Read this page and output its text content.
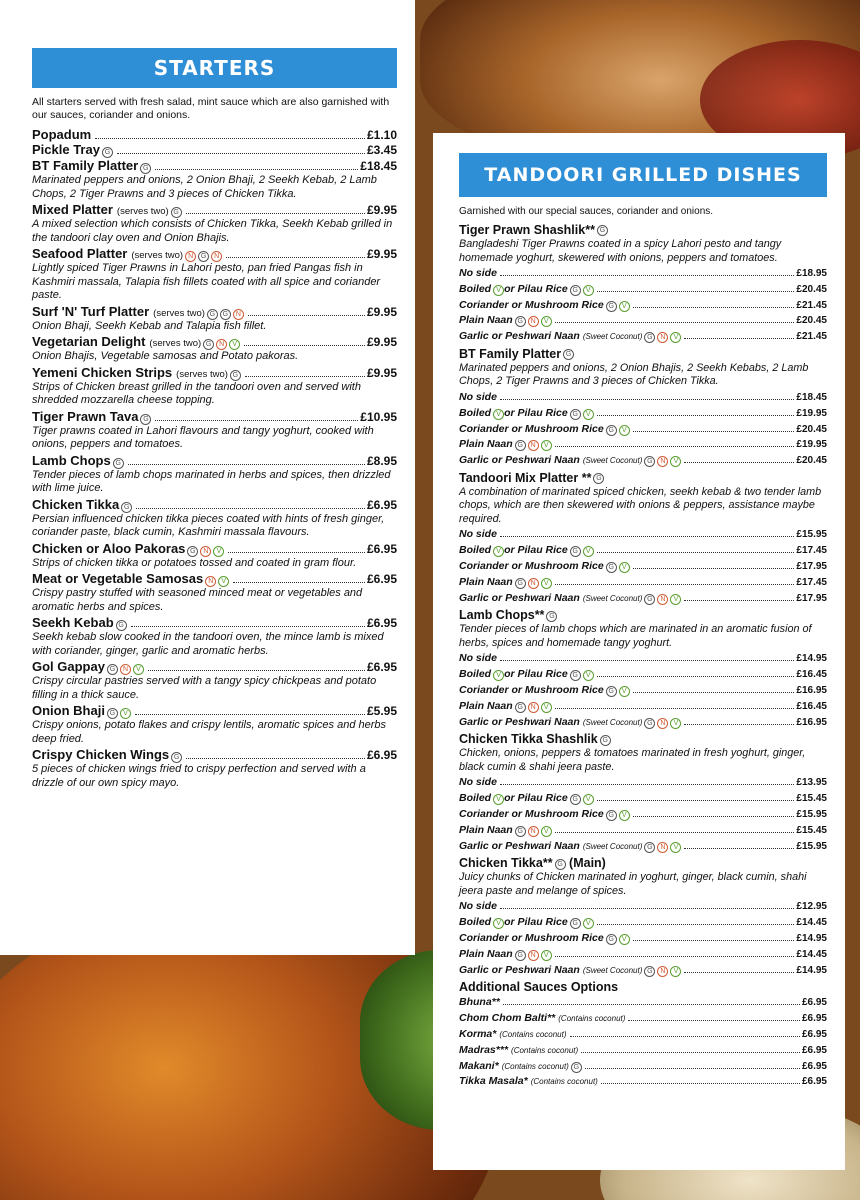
STARTERS
All starters served with fresh salad, mint sauce which are also garnished with our sauces, coriander and onions.
Popadum	£1.10
Pickle Tray G	£3.45
BT Family Platter G	£18.45
Marinated peppers and onions, 2 Onion Bhaji, 2 Seekh Kebab, 2 Lamb Chops, 2 Tiger Prawns and 3 pieces of Chicken Tikka.
Mixed Platter (serves two) G	£9.95
A mixed selection which consists of Chicken Tikka, Seekh Kebab grilled in the tandoori clay oven and Onion Bhajis.
Seafood Platter (serves two) N	G	N	£9.95
Lightly spiced Tiger Prawns in Lahori pesto, pan fried Pangas fish in Kashmiri massala, Talapia fish fillets coated with all spice and coriander paste.
Surf 'N' Turf Platter (serves two) G	G	N	£9.95
Onion Bhaji, Seekh Kebab and Talapia fish fillet.
Vegetarian Delight (serves two) G	N	V	£9.95
Onion Bhajis, Vegetable samosas and Potato pakoras.
Yemeni Chicken Strips (serves two) G	£9.95
Strips of Chicken breast grilled in the tandoori oven and served with shredded mozzarella cheese topping.
Tiger Prawn Tava G	£10.95
Tiger prawns coated in Lahori flavours and tangy yoghurt, cooked with onions, peppers and tomatoes.
Lamb Chops G	£8.95
Tender pieces of lamb chops marinated in herbs and spices, then drizzled with lime juice.
Chicken Tikka G	£6.95
Persian influenced chicken tikka pieces coated with hints of fresh ginger, coriander paste, black cumin, Kashmiri massala flavours.
Chicken or Aloo Pakoras G	N	V	£6.95
Strips of chicken tikka or potatoes tossed and coated in gram flour.
Meat or Vegetable Samosas N	V	£6.95
Crispy pastry stuffed with seasoned minced meat or vegetables and aromatic herbs and spices.
Seekh Kebab G	£6.95
Seekh kebab slow cooked in the tandoori oven, the mince lamb is mixed with coriander, ginger, garlic and aromatic herbs.
Gol Gappay G	N	V	£6.95
Crispy circular pastries served with a tangy spicy chickpeas and potato filling in a thick sauce.
Onion Bhaji G	V	£5.95
Crispy onions, potato flakes and crispy lentils, aromatic spices and herbs deep fried.
Crispy Chicken Wings G	£6.95
5 pieces of chicken wings fried to crispy perfection and served with a drizzle of our own spicy mayo.
TANDOORI GRILLED DISHES
Garnished with our special sauces, coriander and onions.
Tiger Prawn Shashlik** G
Bangladeshi Tiger Prawns coated in a spicy Lahori pesto and tangy homemade yoghurt, skewered with onions, peppers and tomatoes.
No side	£18.95
Boiled V or Pilau Rice G	V	£20.45
Coriander or Mushroom Rice G	V	£21.45
Plain Naan G	N	V	£20.45
Garlic or Peshwari Naan (Sweet Coconut) G	N	V	£21.45
BT Family Platter G
Marinated peppers and onions, 2 Onion Bhajis, 2 Seekh Kebabs, 2 Lamb Chops, 2 Tiger Prawns and 3 pieces of Chicken Tikka.
No side	£18.45
Boiled V or Pilau Rice G	V	£19.95
Coriander or Mushroom Rice G	V	£20.45
Plain Naan G	N	V	£19.95
Garlic or Peshwari Naan (Sweet Coconut) G	N	V	£20.45
Tandoori Mix Platter ** G
A combination of marinated spiced chicken, seekh kebab & two tender lamb chops, which are then skewered with onions & peppers, assistance maybe required.
No side	£15.95
Boiled V or Pilau Rice G	V	£17.45
Coriander or Mushroom Rice G	V	£17.95
Plain Naan G	N	V	£17.45
Garlic or Peshwari Naan (Sweet Coconut) G	N	V	£17.95
Lamb Chops** G
Tender pieces of lamb chops which are marinated in an aromatic fusion of herbs, spices and homemade tangy yoghurt.
No side	£14.95
Boiled V or Pilau Rice G	V	£16.45
Coriander or Mushroom Rice G	V	£16.95
Plain Naan G	N	V	£16.45
Garlic or Peshwari Naan (Sweet Coconut) G	N	V	£16.95
Chicken Tikka Shashlik G
Chicken, onions, peppers & tomatoes marinated in fresh yoghurt, ginger, black cumin & shahi jeera paste.
No side	£13.95
Boiled V or Pilau Rice G	V	£15.45
Coriander or Mushroom Rice G	V	£15.95
Plain Naan G	N	V	£15.45
Garlic or Peshwari Naan (Sweet Coconut) G	N	V	£15.95
Chicken Tikka** G (Main)
Juicy chunks of Chicken marinated in yoghurt, ginger, black cumin, shahi jeera paste and melange of spices.
No side	£12.95
Boiled V or Pilau Rice G	V	£14.45
Coriander or Mushroom Rice G	V	£14.95
Plain Naan G	N	V	£14.45
Garlic or Peshwari Naan (Sweet Coconut) G	N	V	£14.95
Additional Sauces Options
Bhuna**	£6.95
Chom Chom Balti** (Contains coconut)	£6.95
Korma* (Contains coconut)	£6.95
Madras*** (Contains coconut)	£6.95
Makani* (Contains coconut) G	£6.95
Tikka Masala* (Contains coconut)	£6.95
